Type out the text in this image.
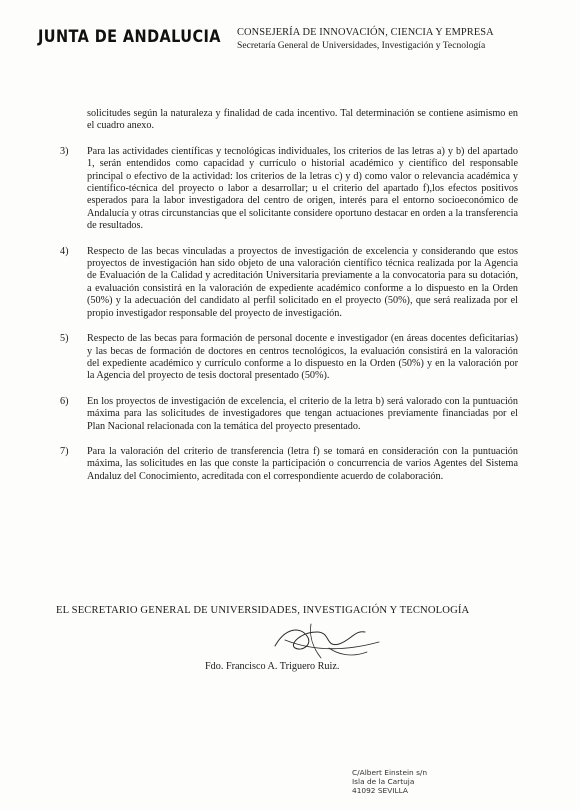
JUNTA DE ANDALUCIA CONSEJERÍA DE INNOVACIÓN, CIENCIA Y EMPRESA
Secretaría General de Universidades, Investigación y Tecnología

solicitudes según la naturaleza y finalidad de cada incentivo. Tal determinación se contiene asimismo en el cuadro anexo.

3) Para las actividades científicas y tecnológicas individuales, los criterios de las letras a) y b) del apartado 1, serán entendidos como capacidad y currículo o historial académico y científico del responsable principal o efectivo de la actividad: los criterios de la letras c) y d) como valor o relevancia académica y científico-técnica del proyecto o labor a desarrollar; u el criterio del apartado f),los efectos positivos esperados para la labor investigadora del centro de origen, interés para el entorno socioeconómico de Andalucía y otras circunstancias que el solicitante considere oportuno destacar en orden a la transferencia de resultados.

4) Respecto de las becas vinculadas a proyectos de investigación de excelencia y considerando que estos proyectos de investigación han sido objeto de una valoración científico técnica realizada por la Agencia de Evaluación de la Calidad y acreditación Universitaria previamente a la convocatoria para su dotación, a evaluación consistirá en la valoración de expediente académico conforme a lo dispuesto en la Orden (50%) y la adecuación del candidato al perfil solicitado en el proyecto (50%), que será realizada por el propio investigador responsable del proyecto de investigación.

5) Respecto de las becas para formación de personal docente e investigador (en áreas docentes deficitarias) y las becas de formación de doctores en centros tecnológicos, la evaluación consistirá en la valoración del expediente académico y currículo conforme a lo dispuesto en la Orden (50%) y en la valoración por la Agencia del proyecto de tesis doctoral presentado (50%).

6) En los proyectos de investigación de excelencia, el criterio de la letra b) será valorado con la puntuación máxima para las solicitudes de investigadores que tengan actuaciones previamente financiadas por el Plan Nacional relacionada con la temática del proyecto presentado.

7) Para la valoración del criterio de transferencia (letra f) se tomará en consideración con la puntuación máxima, las solicitudes en las que conste la participación o concurrencia de varios Agentes del Sistema Andaluz del Conocimiento, acreditada con el correspondiente acuerdo de colaboración.

EL SECRETARIO GENERAL DE UNIVERSIDADES, INVESTIGACIÓN Y TECNOLOGÍA
Fdo. Francisco A. Triguero Ruiz.
C/Albert Einstein s/n
Isla de la Cartuja
41092 SEVILLA
